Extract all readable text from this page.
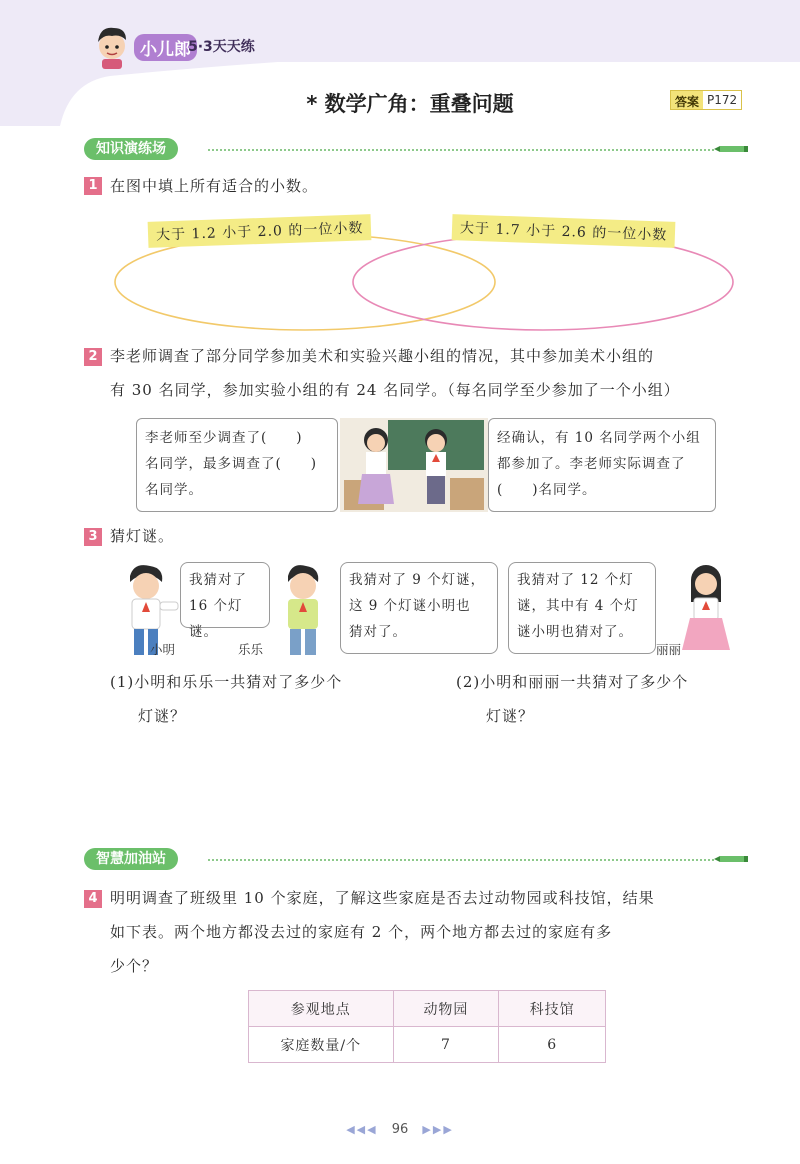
小儿郎
5·3天天练
* 数学广角：重叠问题	答案 P172
知识演练场
1 在图中填上所有适合的小数。
大于 1.2 小于 2.0 的一位小数	大于 1.7 小于 2.6 的一位小数
2 李老师调查了部分同学参加美术和实验兴趣小组的情况，其中参加美术小组的
有 30 名同学，参加实验小组的有 24 名同学。（每名同学至少参加了一个小组）
李老师至少调查了(　　)
名同学，最多调查了(　　)
名同学。
经确认，有 10 名同学两个小组
都参加了。李老师实际调查了
(　　)名同学。
3 猜灯谜。
我猜对了
16 个灯谜。
小明	乐乐
我猜对了 9 个灯谜，
这 9 个灯谜小明也
猜对了。
我猜对了 12 个灯
谜，其中有 4 个灯
谜小明也猜对了。
丽丽
(1)小明和乐乐一共猜对了多少个
灯谜？
(2)小明和丽丽一共猜对了多少个
灯谜？
智慧加油站
4 明明调查了班级里 10 个家庭，了解这些家庭是否去过动物园或科技馆，结果
如下表。两个地方都没去过的家庭有 2 个，两个地方都去过的家庭有多
少个？
参观地点	动物园	科技馆
家庭数量/个	7	6
◀◀◀ 96 ▶▶▶
